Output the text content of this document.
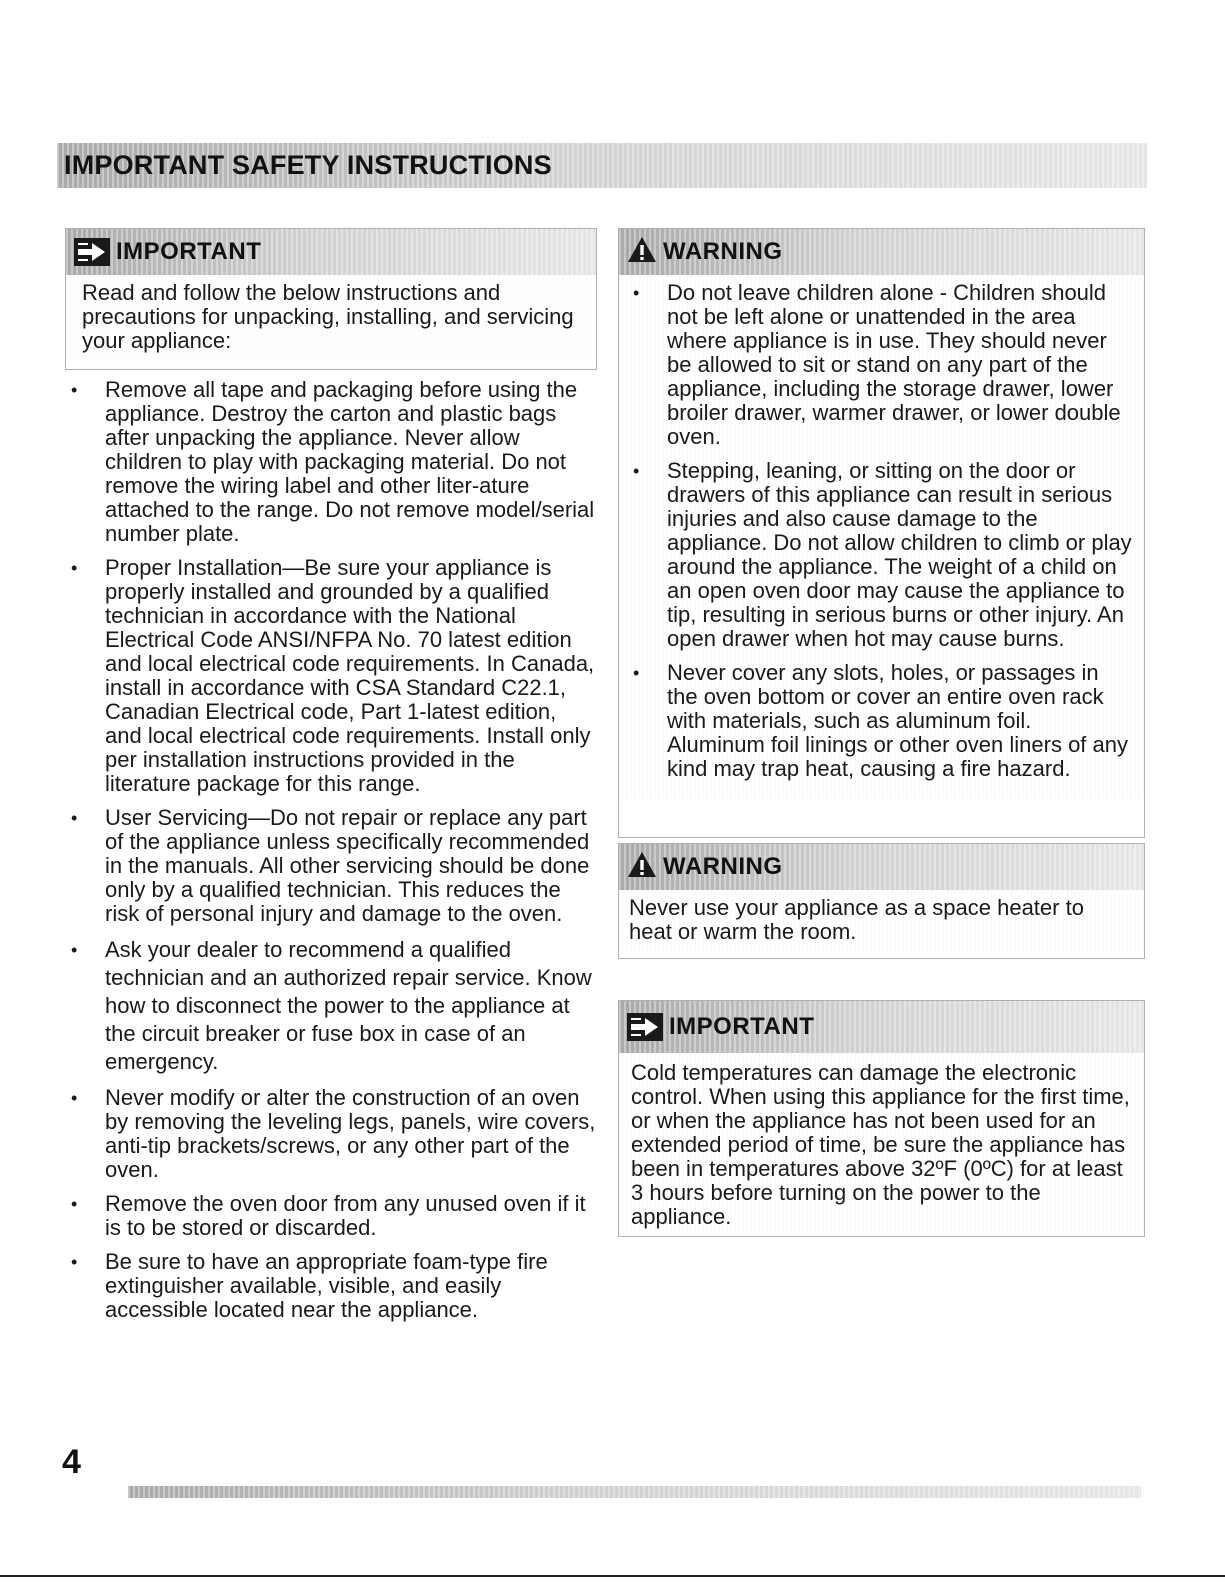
IMPORTANT SAFETY INSTRUCTIONS
IMPORTANT
Read and follow the below instructions and precautions for unpacking, installing, and servicing your appliance:
• Remove all tape and packaging before using the appliance. Destroy the carton and plastic bags after unpacking the appliance. Never allow children to play with packaging material. Do not remove the wiring label and other liter-ature attached to the range. Do not remove model/serial number plate.
• Proper Installation—Be sure your appliance is properly installed and grounded by a qualified technician in accordance with the National Electrical Code ANSI/NFPA No. 70 latest edition and local electrical code requirements. In Canada, install in accordance with CSA Standard C22.1, Canadian Electrical code, Part 1-latest edition, and local electrical code requirements. Install only per installation instructions provided in the literature package for this range.
• User Servicing—Do not repair or replace any part of the appliance unless specifically recommended in the manuals. All other servicing should be done only by a qualified technician. This reduces the risk of personal injury and damage to the oven.
• Ask your dealer to recommend a qualified technician and an authorized repair service. Know how to disconnect the power to the appliance at the circuit breaker or fuse box in case of an emergency.
• Never modify or alter the construction of an oven by removing the leveling legs, panels, wire covers, anti-tip brackets/screws, or any other part of the oven.
• Remove the oven door from any unused oven if it is to be stored or discarded.
• Be sure to have an appropriate foam-type fire extinguisher available, visible, and easily accessible located near the appliance.
WARNING
• Do not leave children alone - Children should not be left alone or unattended in the area where appliance is in use. They should never be allowed to sit or stand on any part of the appliance, including the storage drawer, lower broiler drawer, warmer drawer, or lower double oven.
• Stepping, leaning, or sitting on the door or drawers of this appliance can result in serious injuries and also cause damage to the appliance. Do not allow children to climb or play around the appliance. The weight of a child on an open oven door may cause the appliance to tip, resulting in serious burns or other injury. An open drawer when hot may cause burns.
• Never cover any slots, holes, or passages in the oven bottom or cover an entire oven rack with materials, such as aluminum foil. Aluminum foil linings or other oven liners of any kind may trap heat, causing a fire hazard.
WARNING
Never use your appliance as a space heater to heat or warm the room.
IMPORTANT
Cold temperatures can damage the electronic control. When using this appliance for the first time, or when the appliance has not been used for an extended period of time, be sure the appliance has been in temperatures above 32ºF (0ºC) for at least 3 hours before turning on the power to the appliance.
4
